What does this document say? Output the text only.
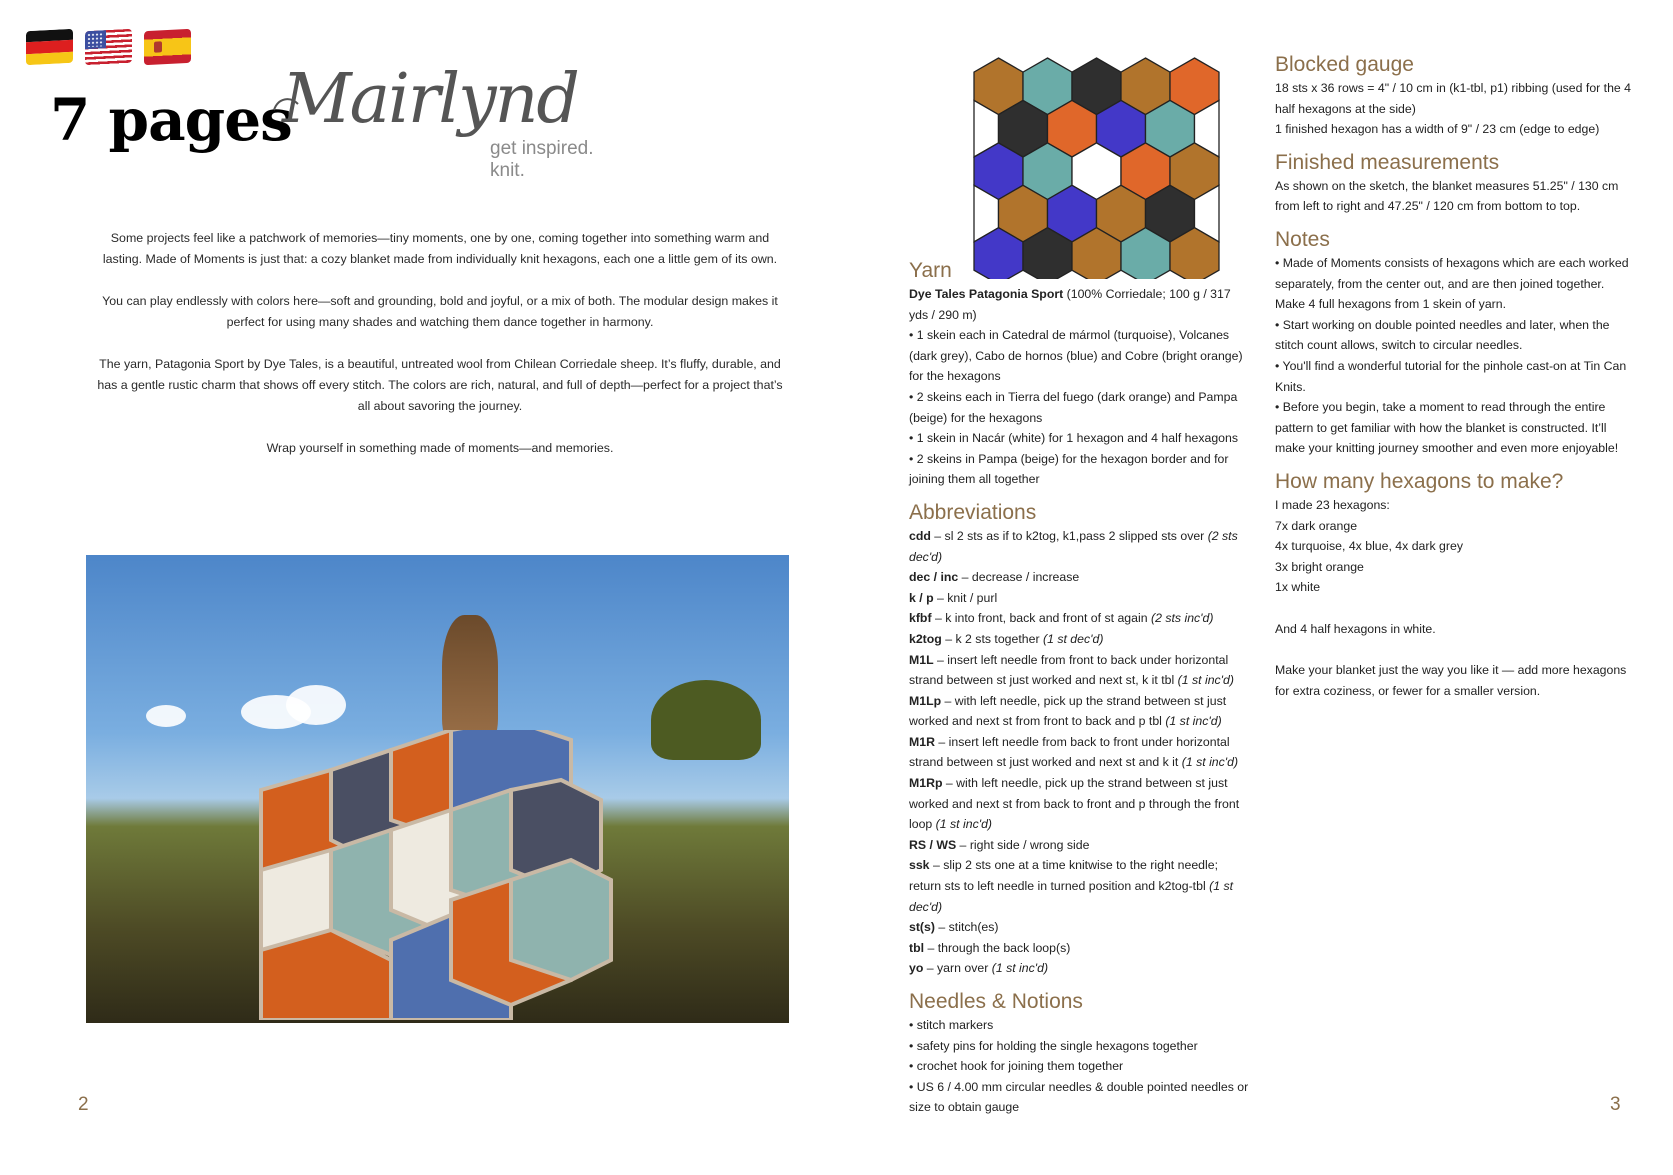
7 pages
Mairlynd
get inspired. knit.

Some projects feel like a patchwork of memories—tiny moments, one by one, coming together into something warm and lasting. Made of Moments is just that: a cozy blanket made from individually knit hexagons, each one a little gem of its own.

You can play endlessly with colors here—soft and grounding, bold and joyful, or a mix of both. The modular design makes it perfect for using many shades and watching them dance together in harmony.

The yarn, Patagonia Sport by Dye Tales, is a beautiful, untreated wool from Chilean Corriedale sheep. It’s fluffy, durable, and has a gentle rustic charm that shows off every stitch. The colors are rich, natural, and full of depth—perfect for a project that’s all about savoring the journey.

Wrap yourself in something made of moments—and memories.

2
Yarn
Dye Tales Patagonia Sport (100% Corriedale; 100 g / 317 yds / 290 m)
• 1 skein each in Catedral de mármol (turquoise), Volcanes (dark grey), Cabo de hornos (blue) and Cobre (bright orange) for the hexagons
• 2 skeins each in Tierra del fuego (dark orange) and Pampa (beige) for the hexagons
• 1 skein in Nacár (white) for 1 hexagon and 4 half hexagons
• 2 skeins in Pampa (beige) for the hexagon border and for joining them all together
Abbreviations
cdd – sl 2 sts as if to k2tog, k1,pass 2 slipped sts over (2 sts dec'd)
dec / inc – decrease / increase
k / p – knit / purl
kfbf – k into front, back and front of st again (2 sts inc'd)
k2tog – k 2 sts together (1 st dec'd)
M1L – insert left needle from front to back under horizontal strand between st just worked and next st, k it tbl (1 st inc'd)
M1Lp – with left needle, pick up the strand between st just worked and next st from front to back and p tbl (1 st inc'd)
M1R – insert left needle from back to front under horizontal strand between st just worked and next st and k it (1 st inc'd)
M1Rp – with left needle, pick up the strand between st just worked and next st from back to front and p through the front loop (1 st inc'd)
RS / WS – right side / wrong side
ssk – slip 2 sts one at a time knitwise to the right needle; return sts to left needle in turned position and k2tog-tbl (1 st dec'd)
st(s) – stitch(es)
tbl – through the back loop(s)
yo – yarn over (1 st inc'd)
Needles & Notions
• stitch markers
• safety pins for holding the single hexagons together
• crochet hook for joining them together
• US 6 / 4.00 mm circular needles & double pointed needles or size to obtain gauge
Blocked gauge
18 sts x 36 rows = 4" / 10 cm in (k1-tbl, p1) ribbing (used for the 4 half hexagons at the side)
1 finished hexagon has a width of 9" / 23 cm (edge to edge)
Finished measurements
As shown on the sketch, the blanket measures 51.25" / 130 cm from left to right and 47.25" / 120 cm from bottom to top.
Notes
• Made of Moments consists of hexagons which are each worked separately, from the center out, and are then joined together. Make 4 full hexagons from 1 skein of yarn.
• Start working on double pointed needles and later, when the stitch count allows, switch to circular needles.
• You'll find a wonderful tutorial for the pinhole cast-on at Tin Can Knits.
• Before you begin, take a moment to read through the entire pattern to get familiar with how the blanket is constructed. It’ll make your knitting journey smoother and even more enjoyable!
How many hexagons to make?
I made 23 hexagons:
7x dark orange
4x turquoise, 4x blue, 4x dark grey
3x bright orange
1x white
And 4 half hexagons in white.
Make your blanket just the way you like it — add more hexagons for extra coziness, or fewer for a smaller version.
3
